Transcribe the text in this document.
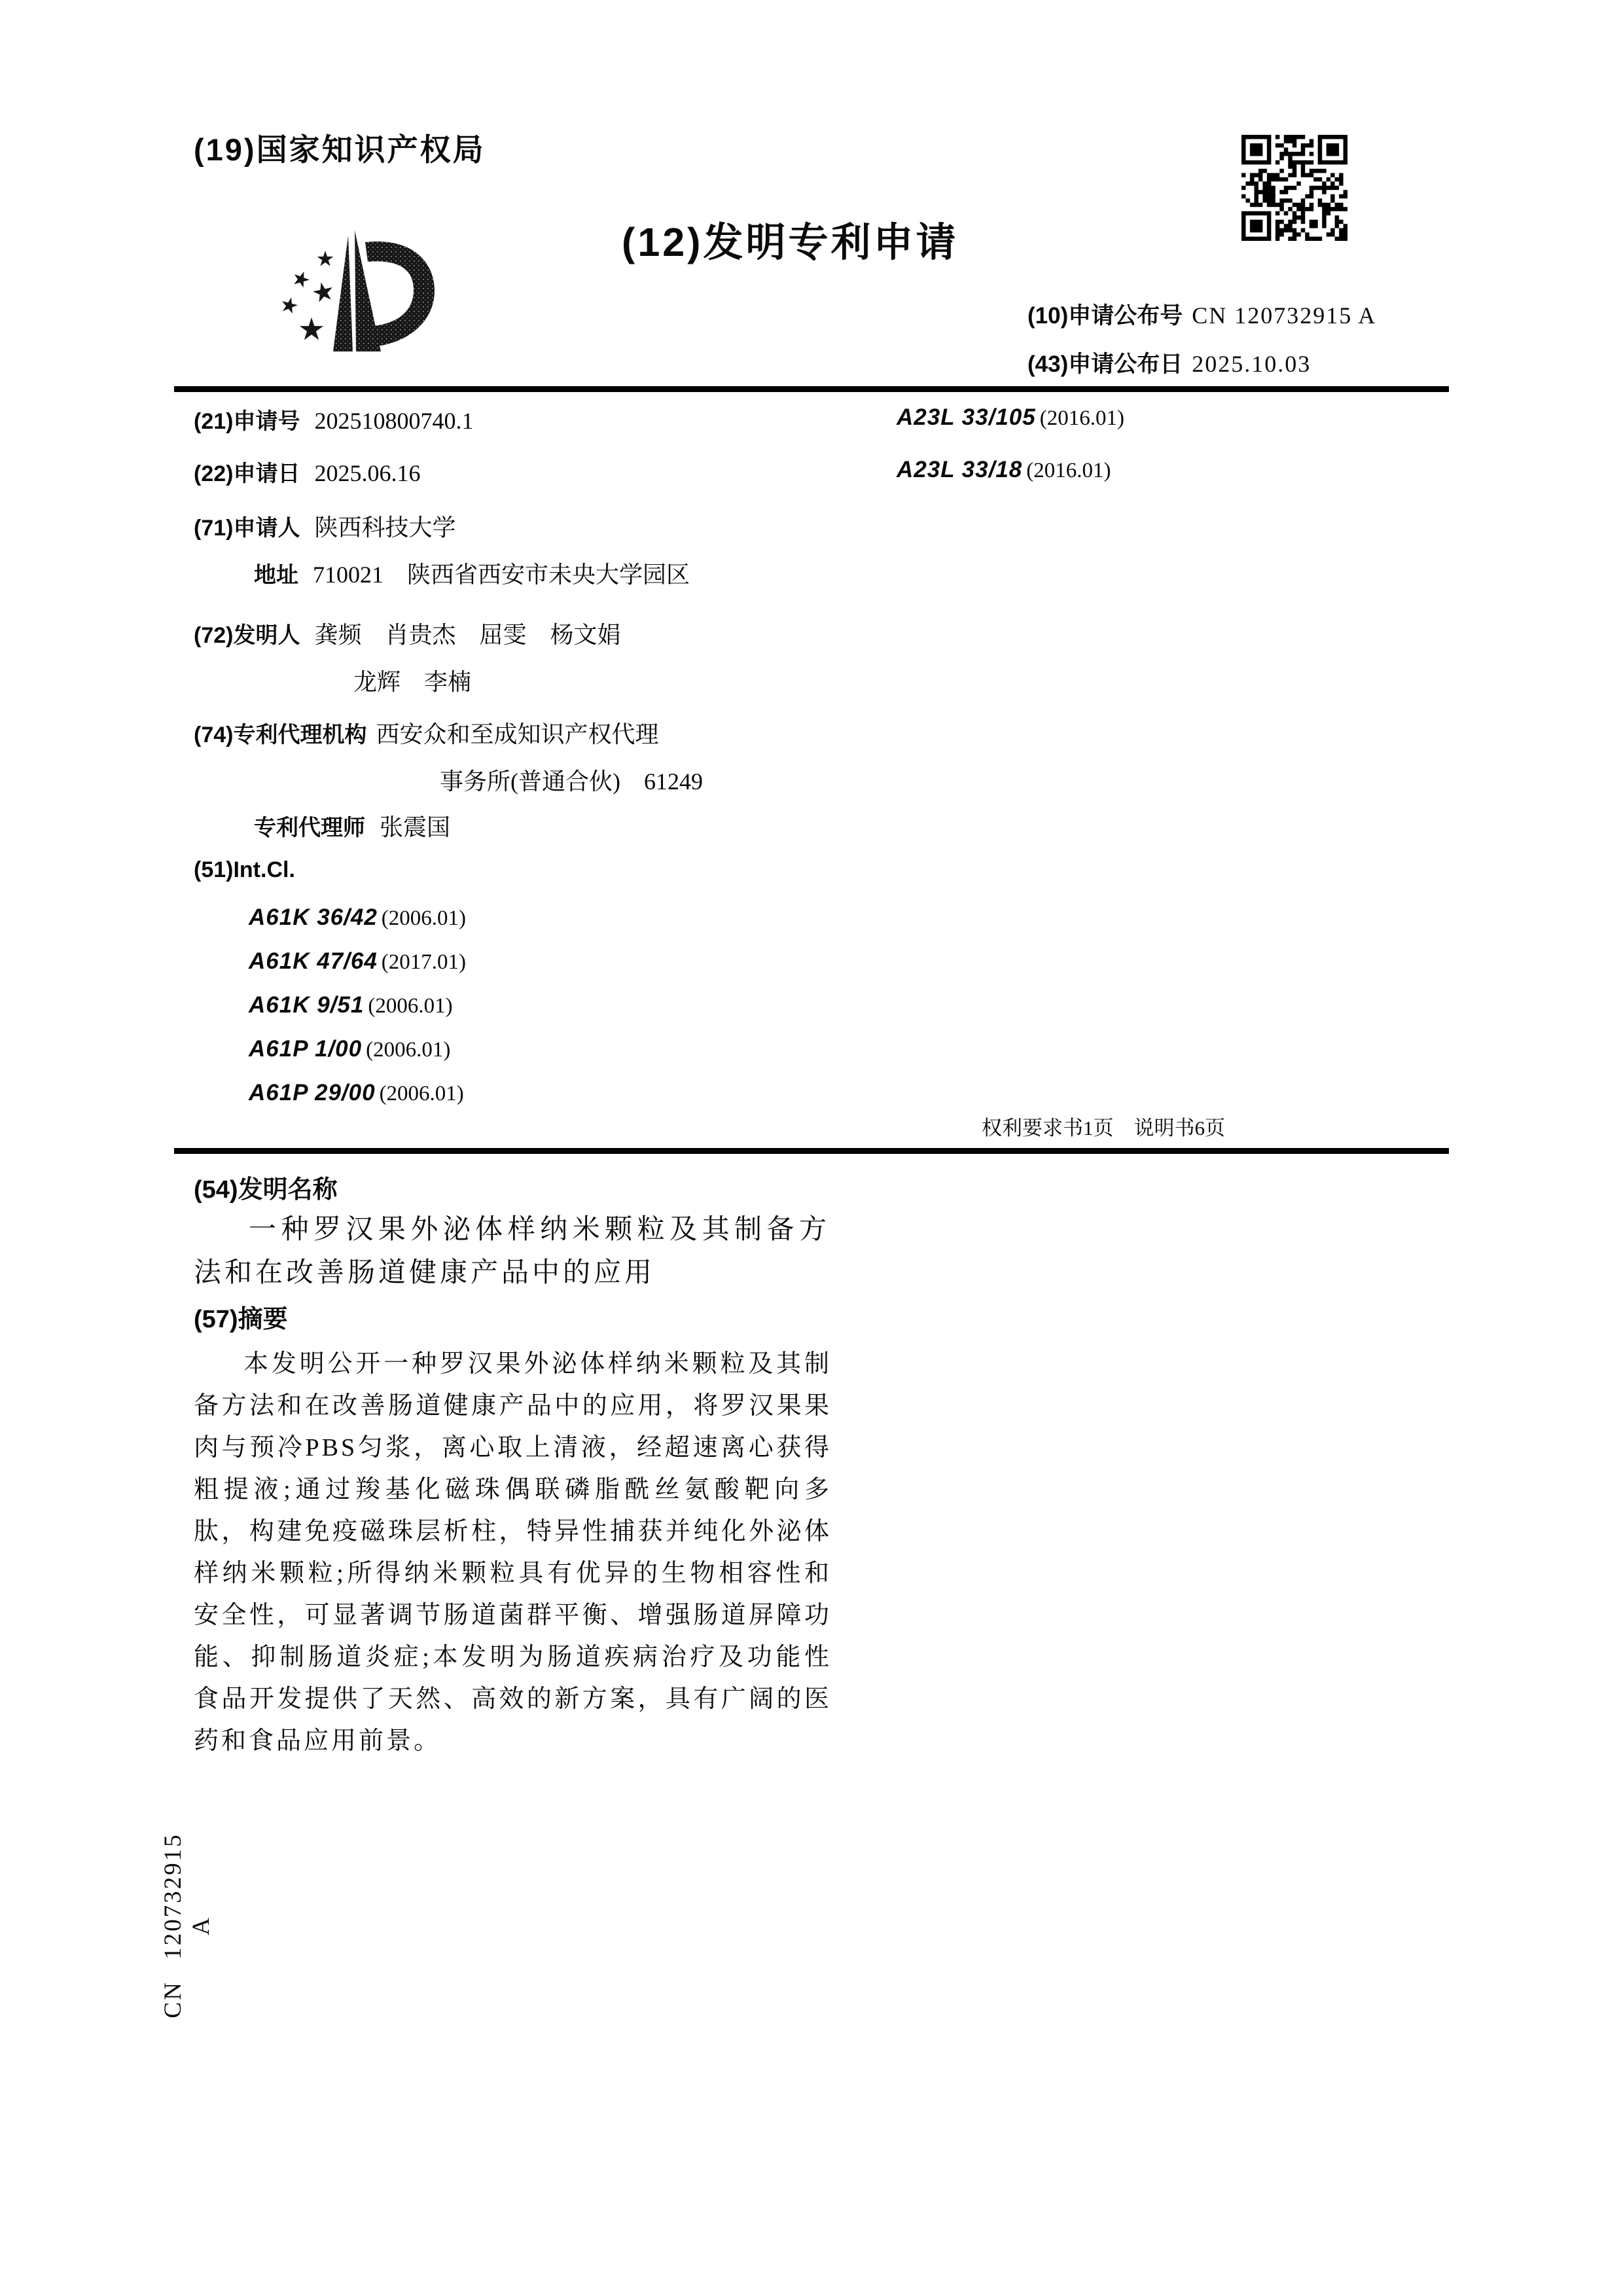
(19)国家知识产权局
(12)发明专利申请
(10)申请公布号 CN 120732915 A
(43)申请公布日 2025.10.03
(21)申请号 202510800740.1
(22)申请日 2025.06.16
(71)申请人 陕西科技大学
地址 710021　陕西省西安市未央大学园区
(72)发明人 龚频　肖贵杰　屈雯　杨文娟
龙辉　李楠
(74)专利代理机构 西安众和至成知识产权代理
事务所(普通合伙)　61249
专利代理师 张震国
(51)Int.Cl.
A61K 36/42 (2006.01)
A61K 47/64 (2017.01)
A61K 9/51 (2006.01)
A61P 1/00 (2006.01)
A61P 29/00 (2006.01)
A23L 33/105 (2016.01)
A23L 33/18 (2016.01)
权利要求书1页　说明书6页
(54)发明名称
一种罗汉果外泌体样纳米颗粒及其制备方法和在改善肠道健康产品中的应用
(57)摘要
本发明公开一种罗汉果外泌体样纳米颗粒及其制备方法和在改善肠道健康产品中的应用，将罗汉果果肉与预冷PBS匀浆，离心取上清液，经超速离心获得粗提液;通过羧基化磁珠偶联磷脂酰丝氨酸靶向多肽，构建免疫磁珠层析柱，特异性捕获并纯化外泌体样纳米颗粒;所得纳米颗粒具有优异的生物相容性和安全性，可显著调节肠道菌群平衡、增强肠道屏障功能、抑制肠道炎症;本发明为肠道疾病治疗及功能性食品开发提供了天然、高效的新方案，具有广阔的医药和食品应用前景。
CN 120732915 A
